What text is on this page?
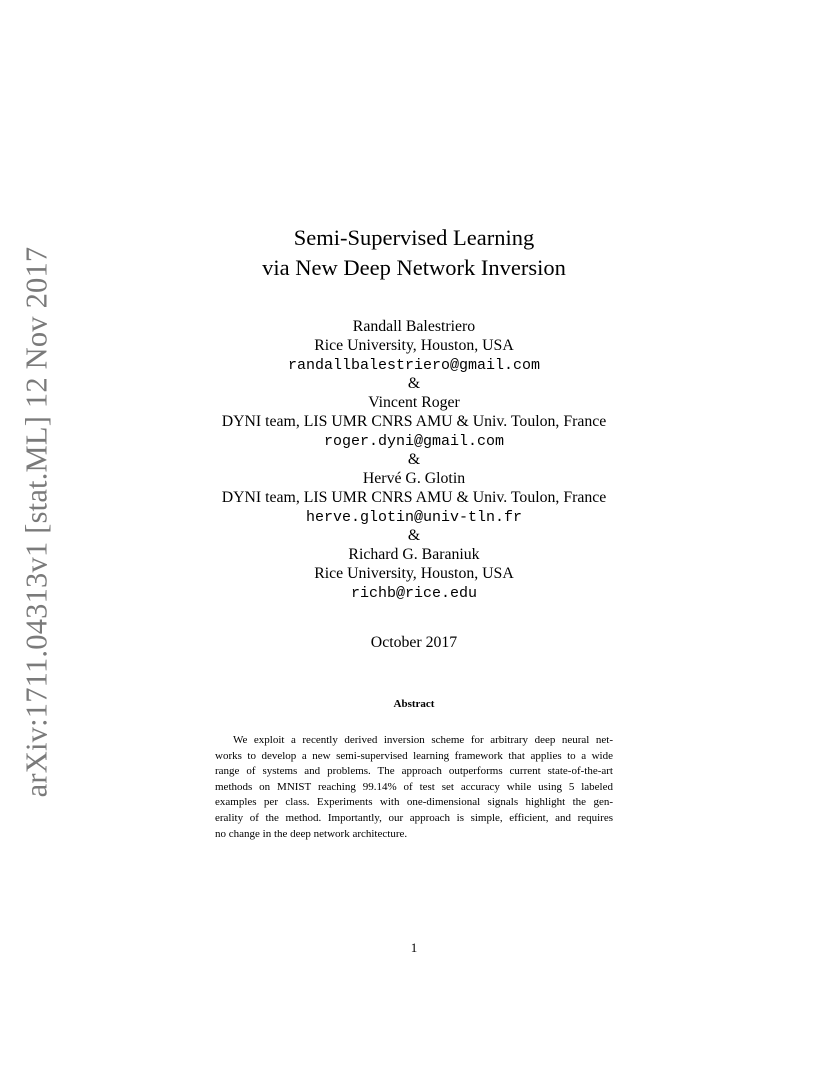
arXiv:1711.04313v1 [stat.ML] 12 Nov 2017
Semi-Supervised Learning
via New Deep Network Inversion
Randall Balestriero
Rice University, Houston, USA
randallbalestriero@gmail.com
&
Vincent Roger
DYNI team, LIS UMR CNRS AMU & Univ. Toulon, France
roger.dyni@gmail.com
&
Hervé G. Glotin
DYNI team, LIS UMR CNRS AMU & Univ. Toulon, France
herve.glotin@univ-tln.fr
&
Richard G. Baraniuk
Rice University, Houston, USA
richb@rice.edu
October 2017
Abstract
We exploit a recently derived inversion scheme for arbitrary deep neural net-
works to develop a new semi-supervised learning framework that applies to a wide
range of systems and problems. The approach outperforms current state-of-the-art
methods on MNIST reaching 99.14% of test set accuracy while using 5 labeled
examples per class. Experiments with one-dimensional signals highlight the gen-
erality of the method. Importantly, our approach is simple, efficient, and requires
no change in the deep network architecture.
1
